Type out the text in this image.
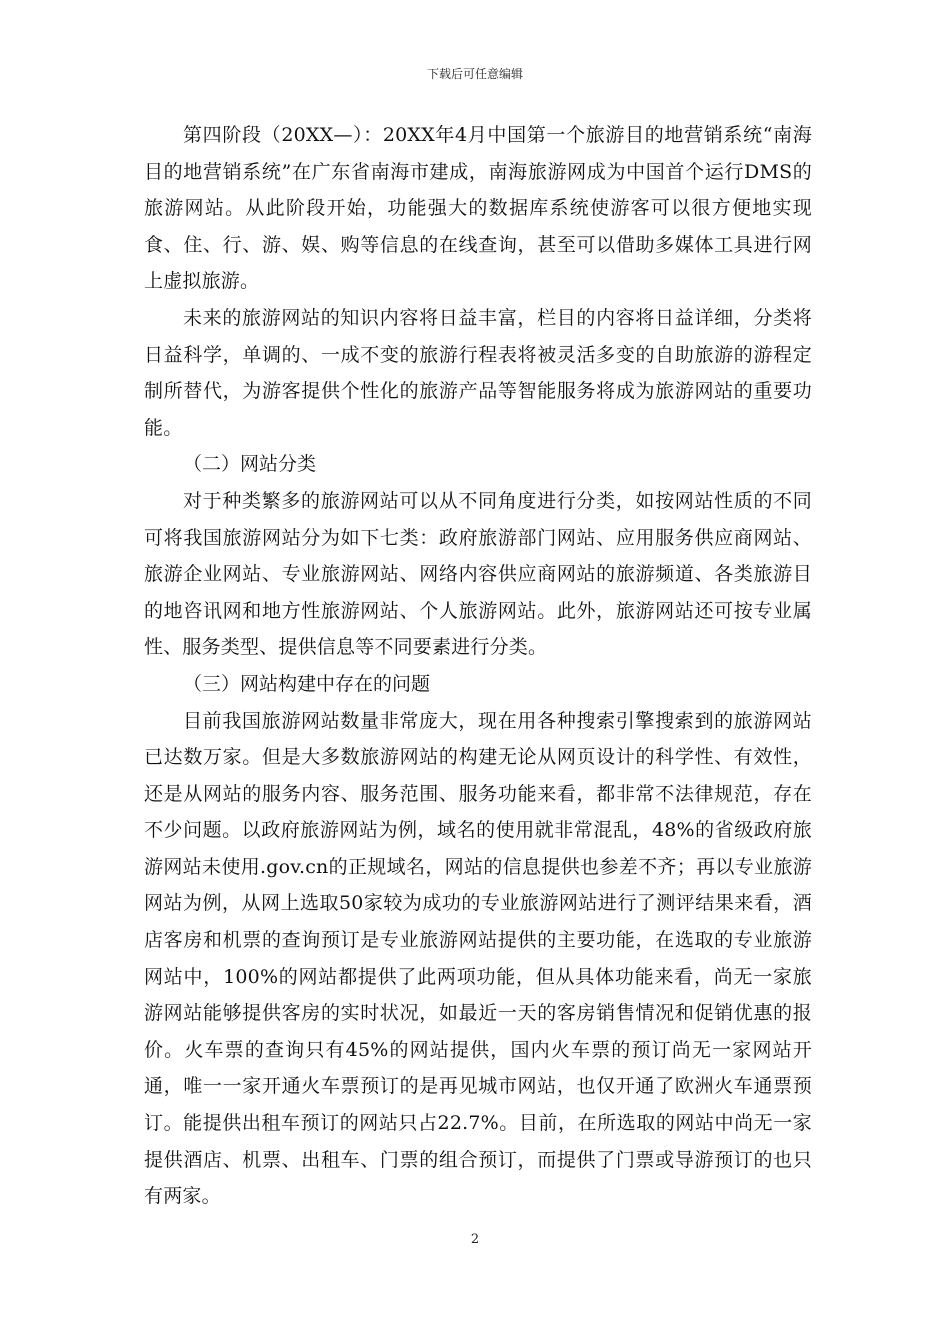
下载后可任意编辑

第四阶段（20XX—）：20XX年4月中国第一个旅游目的地营销系统“南海目的地营销系统”在广东省南海市建成，南海旅游网成为中国首个运行DMS的旅游网站。从此阶段开始，功能强大的数据库系统使游客可以很方便地实现食、住、行、游、娱、购等信息的在线查询，甚至可以借助多媒体工具进行网上虚拟旅游。

未来的旅游网站的知识内容将日益丰富，栏目的内容将日益详细，分类将日益科学，单调的、一成不变的旅游行程表将被灵活多变的自助旅游的游程定制所替代，为游客提供个性化的旅游产品等智能服务将成为旅游网站的重要功能。

（二）网站分类

对于种类繁多的旅游网站可以从不同角度进行分类，如按网站性质的不同可将我国旅游网站分为如下七类：政府旅游部门网站、应用服务供应商网站、旅游企业网站、专业旅游网站、网络内容供应商网站的旅游频道、各类旅游目的地咨讯网和地方性旅游网站、个人旅游网站。此外，旅游网站还可按专业属性、服务类型、提供信息等不同要素进行分类。

（三）网站构建中存在的问题

目前我国旅游网站数量非常庞大，现在用各种搜索引擎搜索到的旅游网站已达数万家。但是大多数旅游网站的构建无论从网页设计的科学性、有效性，还是从网站的服务内容、服务范围、服务功能来看，都非常不法律规范，存在不少问题。以政府旅游网站为例，域名的使用就非常混乱，48%的省级政府旅游网站未使用.gov.cn的正规域名，网站的信息提供也参差不齐；再以专业旅游网站为例，从网上选取50家较为成功的专业旅游网站进行了测评结果来看，酒店客房和机票的查询预订是专业旅游网站提供的主要功能，在选取的专业旅游网站中，100%的网站都提供了此两项功能，但从具体功能来看，尚无一家旅游网站能够提供客房的实时状况，如最近一天的客房销售情况和促销优惠的报价。火车票的查询只有45%的网站提供，国内火车票的预订尚无一家网站开通，唯一一家开通火车票预订的是再见城市网站，也仅开通了欧洲火车通票预订。能提供出租车预订的网站只占22.7%。目前，在所选取的网站中尚无一家提供酒店、机票、出租车、门票的组合预订，而提供了门票或导游预订的也只有两家。

2
